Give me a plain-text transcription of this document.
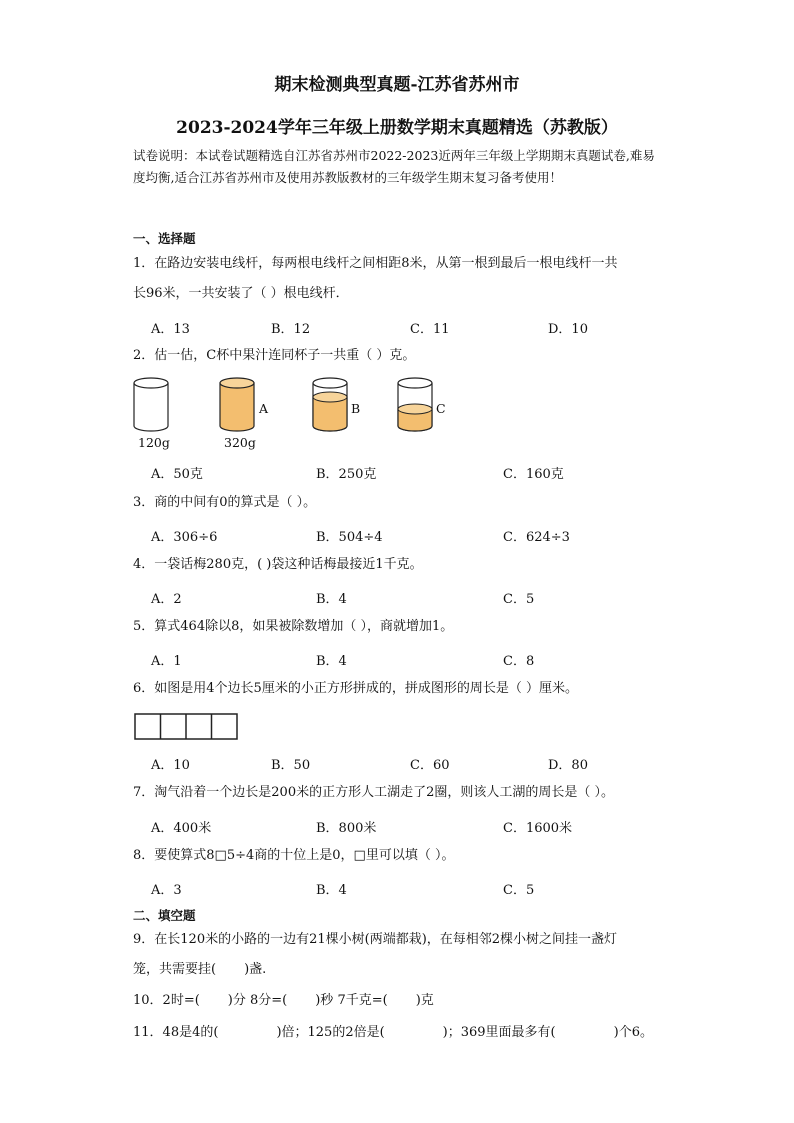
期末检测典型真题-江苏省苏州市
2023-2024学年三年级上册数学期末真题精选（苏教版）
试卷说明：本试卷试题精选自江苏省苏州市2022-2023近两年三年级上学期期末真题试卷,难易度均衡,适合江苏省苏州市及使用苏教版教材的三年级学生期末复习备考使用！
一、选择题
1．在路边安装电线杆，每两根电线杆之间相距8米，从第一根到最后一根电线杆一共
长96米，一共安装了（ ）根电线杆．
A．13	B．12	C．11	D．10
2．估一估，C杯中果汁连同杯子一共重（ ）克。
A	B	C
120g	320g
A．50克	B．250克	C．160克
3．商的中间有0的算式是（ ）。
A．306÷6	B．504÷4	C．624÷3
4．一袋话梅280克，( )袋这种话梅最接近1千克。
A．2	B．4	C．5
5．算式464除以8，如果被除数增加（ ），商就增加1。
A．1	B．4	C．8
6．如图是用4个边长5厘米的小正方形拼成的，拼成图形的周长是（ ）厘米。
A．10	B．50	C．60	D．80
7．淘气沿着一个边长是200米的正方形人工湖走了2圈，则该人工湖的周长是（ ）。
A．400米	B．800米	C．1600米
8．要使算式8□5÷4商的十位上是0，□里可以填（ ）。
A．3	B．4	C．5
二、填空题
9．在长120米的小路的一边有21棵小树(两端都栽)，在每相邻2棵小树之间挂一盏灯
笼，共需要挂( )盏.
10．2时=( )分 8分=( )秒 7千克=( )克
11．48是4的(	)倍；125的2倍是(	)；369里面最多有(	)个6。
